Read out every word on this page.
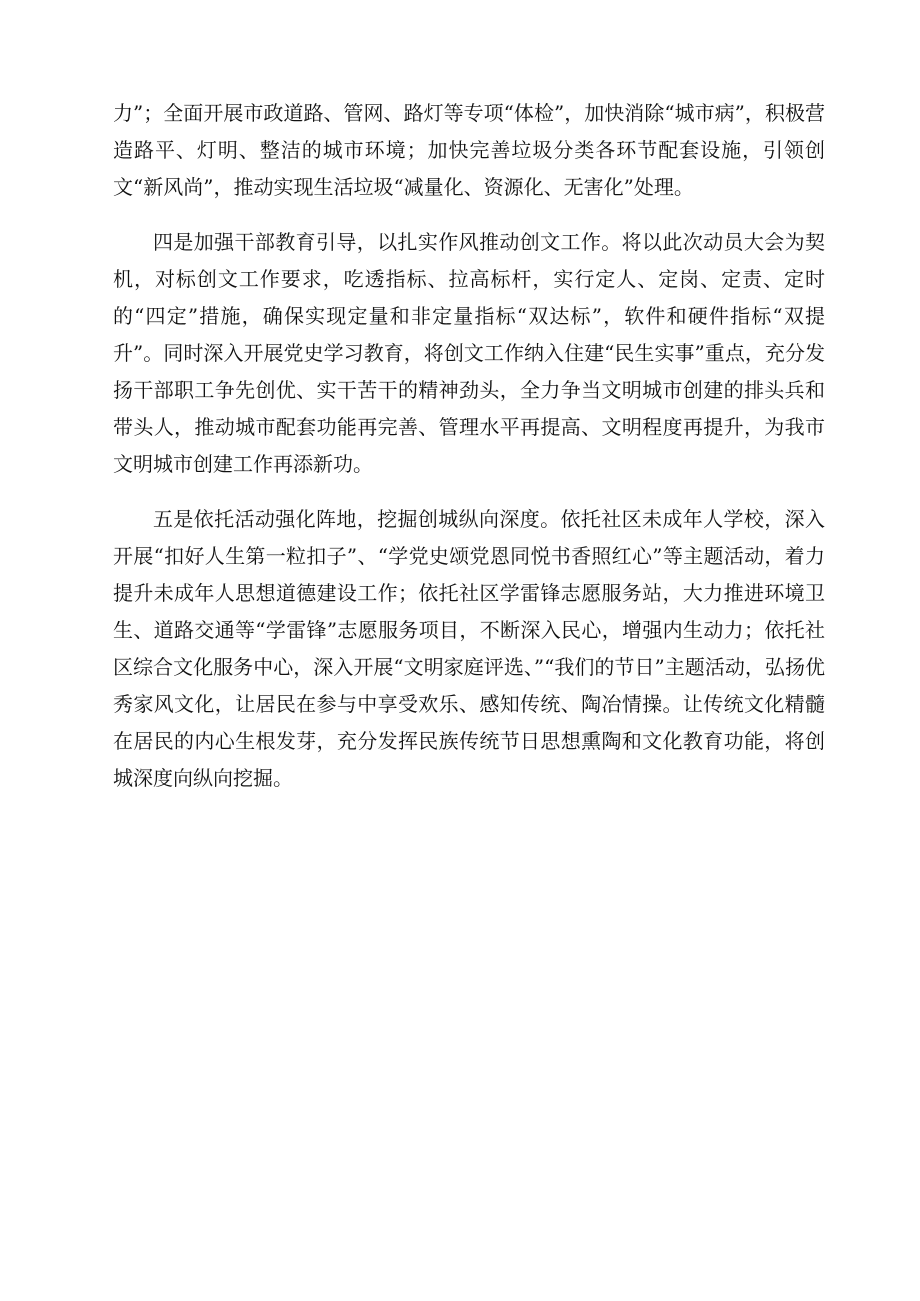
力”；全面开展市政道路、管网、路灯等专项“体检”，加快消除“城市病”，积极营造路平、灯明、整洁的城市环境；加快完善垃圾分类各环节配套设施，引领创文“新风尚”，推动实现生活垃圾“减量化、资源化、无害化”处理。

四是加强干部教育引导，以扎实作风推动创文工作。将以此次动员大会为契机，对标创文工作要求，吃透指标、拉高标杆，实行定人、定岗、定责、定时的“四定”措施，确保实现定量和非定量指标“双达标”，软件和硬件指标“双提升”。同时深入开展党史学习教育，将创文工作纳入住建“民生实事”重点，充分发扬干部职工争先创优、实干苦干的精神劲头，全力争当文明城市创建的排头兵和带头人，推动城市配套功能再完善、管理水平再提高、文明程度再提升，为我市文明城市创建工作再添新功。

五是依托活动强化阵地，挖掘创城纵向深度。依托社区未成年人学校，深入开展“扣好人生第一粒扣子”、“学党史颂党恩同悦书香照红心”等主题活动，着力提升未成年人思想道德建设工作；依托社区学雷锋志愿服务站，大力推进环境卫生、道路交通等“学雷锋”志愿服务项目，不断深入民心，增强内生动力；依托社区综合文化服务中心，深入开展“文明家庭评选、”“我们的节日”主题活动，弘扬优秀家风文化，让居民在参与中享受欢乐、感知传统、陶冶情操。让传统文化精髓在居民的内心生根发芽，充分发挥民族传统节日思想熏陶和文化教育功能，将创城深度向纵向挖掘。
